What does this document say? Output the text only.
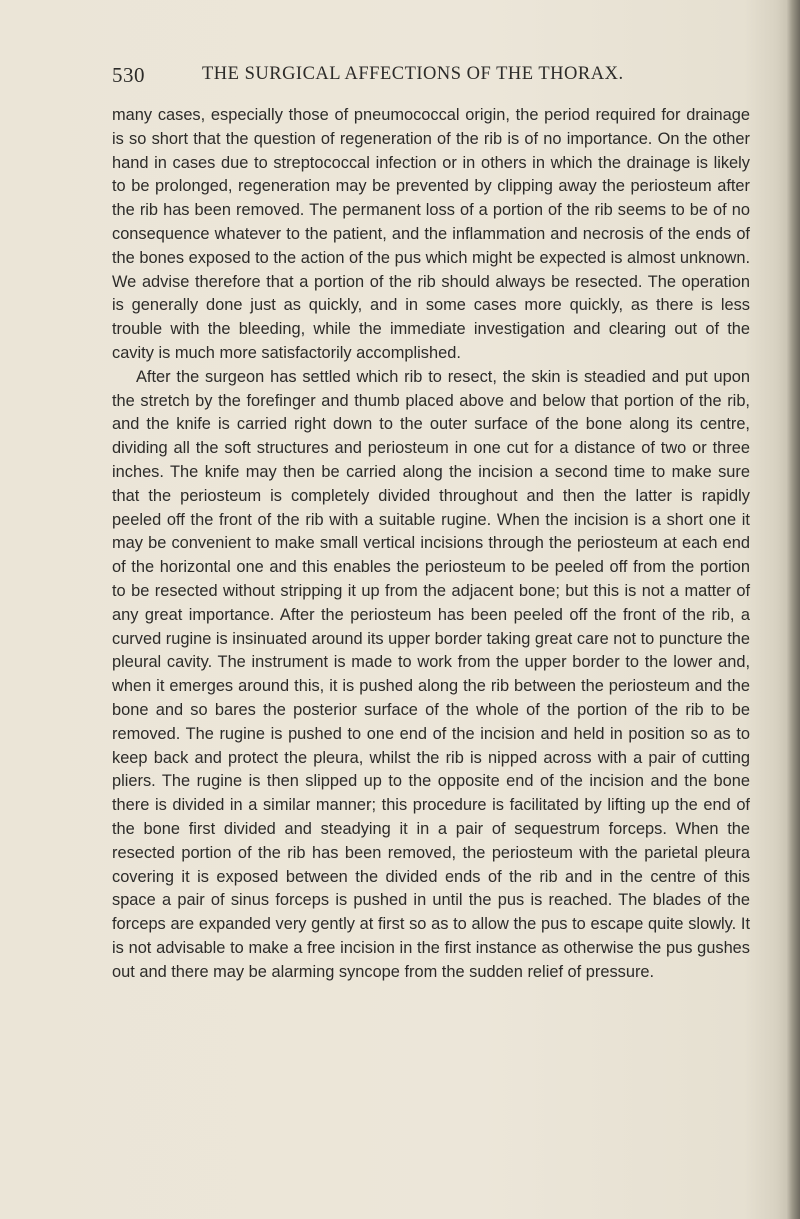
530	THE SURGICAL AFFECTIONS OF THE THORAX.

many cases, especially those of pneumococcal origin, the period required for drainage is so short that the question of regeneration of the rib is of no importance. On the other hand in cases due to streptococcal infection or in others in which the drainage is likely to be prolonged, regeneration may be prevented by clipping away the periosteum after the rib has been removed. The permanent loss of a portion of the rib seems to be of no consequence whatever to the patient, and the inflammation and necrosis of the ends of the bones exposed to the action of the pus which might be expected is almost unknown. We advise therefore that a portion of the rib should always be resected. The operation is generally done just as quickly, and in some cases more quickly, as there is less trouble with the bleeding, while the immediate investigation and clearing out of the cavity is much more satisfactorily accomplished.

After the surgeon has settled which rib to resect, the skin is steadied and put upon the stretch by the forefinger and thumb placed above and below that portion of the rib, and the knife is carried right down to the outer surface of the bone along its centre, dividing all the soft structures and periosteum in one cut for a distance of two or three inches. The knife may then be carried along the incision a second time to make sure that the periosteum is completely divided throughout and then the latter is rapidly peeled off the front of the rib with a suitable rugine. When the incision is a short one it may be convenient to make small vertical incisions through the periosteum at each end of the horizontal one and this enables the periosteum to be peeled off from the portion to be resected without stripping it up from the adjacent bone; but this is not a matter of any great importance. After the periosteum has been peeled off the front of the rib, a curved rugine is insinuated around its upper border taking great care not to puncture the pleural cavity. The instrument is made to work from the upper border to the lower and, when it emerges around this, it is pushed along the rib between the periosteum and the bone and so bares the posterior surface of the whole of the portion of the rib to be removed. The rugine is pushed to one end of the incision and held in position so as to keep back and protect the pleura, whilst the rib is nipped across with a pair of cutting pliers. The rugine is then slipped up to the opposite end of the incision and the bone there is divided in a similar manner; this procedure is facilitated by lifting up the end of the bone first divided and steadying it in a pair of sequestrum forceps. When the resected portion of the rib has been removed, the periosteum with the parietal pleura covering it is exposed between the divided ends of the rib and in the centre of this space a pair of sinus forceps is pushed in until the pus is reached. The blades of the forceps are expanded very gently at first so as to allow the pus to escape quite slowly. It is not advisable to make a free incision in the first instance as otherwise the pus gushes out and there may be alarming syncope from the sudden relief of pressure.
